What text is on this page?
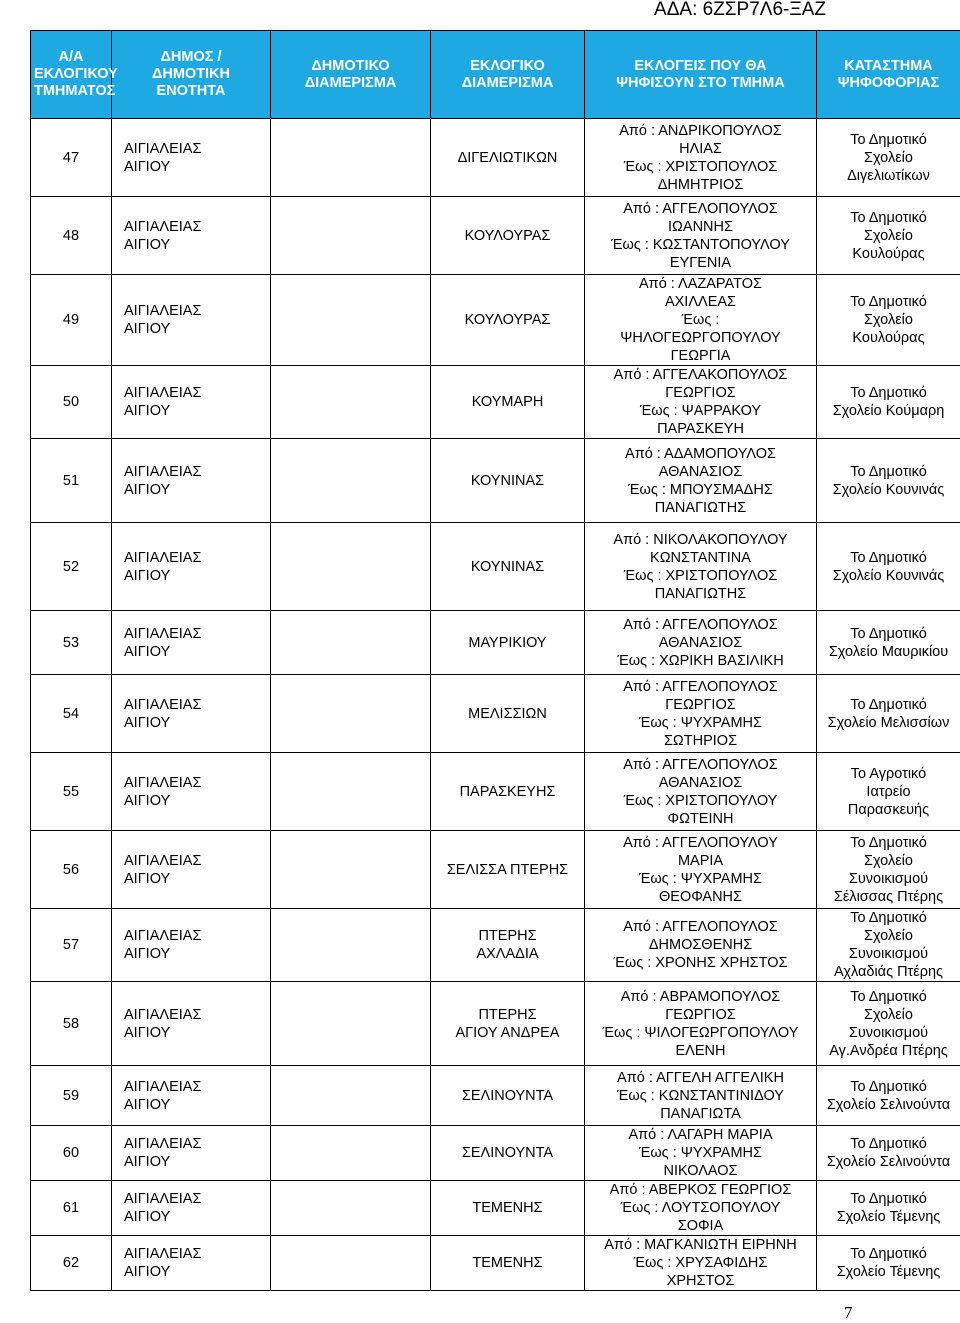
ΑΔΑ: 6ΖΣΡ7Λ6-ΞΑΖ
Α/Α
ΕΚΛΟΓΙΚΟΥ
ΤΜΗΜΑΤΟΣ	ΔΗΜΟΣ /
ΔΗΜΟΤΙΚΗ
ΕΝΟΤΗΤΑ	ΔΗΜΟΤΙΚΟ
ΔΙΑΜΕΡΙΣΜΑ	ΕΚΛΟΓΙΚΟ
ΔΙΑΜΕΡΙΣΜΑ	ΕΚΛΟΓΕΙΣ ΠΟΥ ΘΑ
ΨΗΦΙΣΟΥΝ ΣΤΟ ΤΜΗΜΑ	ΚΑΤΑΣΤΗΜΑ
ΨΗΦΟΦΟΡΙΑΣ
47	ΑΙΓΙΑΛΕΙΑΣ
ΑΙΓΙΟΥ		ΔΙΓΕΛΙΩΤΙΚΩΝ	Από : ΑΝΔΡΙΚΟΠΟΥΛΟΣ
ΗΛΙΑΣ
Έως : ΧΡΙΣΤΟΠΟΥΛΟΣ
ΔΗΜΗΤΡΙΟΣ	Το Δημοτικό
Σχολείο
Διγελιωτίκων
48	ΑΙΓΙΑΛΕΙΑΣ
ΑΙΓΙΟΥ		ΚΟΥΛΟΥΡΑΣ	Από : ΑΓΓΕΛΟΠΟΥΛΟΣ
ΙΩΑΝΝΗΣ
Έως : ΚΩΣΤΑΝΤΟΠΟΥΛΟΥ
ΕΥΓΕΝΙΑ	Το Δημοτικό
Σχολείο
Κουλούρας
49	ΑΙΓΙΑΛΕΙΑΣ
ΑΙΓΙΟΥ		ΚΟΥΛΟΥΡΑΣ	Από : ΛΑΖΑΡΑΤΟΣ
ΑΧΙΛΛΕΑΣ
Έως :
ΨΗΛΟΓΕΩΡΓΟΠΟΥΛΟΥ
ΓΕΩΡΓΙΑ	Το Δημοτικό
Σχολείο
Κουλούρας
50	ΑΙΓΙΑΛΕΙΑΣ
ΑΙΓΙΟΥ		ΚΟΥΜΑΡΗ	Από : ΑΓΓΕΛΑΚΟΠΟΥΛΟΣ
ΓΕΩΡΓΙΟΣ
Έως : ΨΑΡΡΑΚΟΥ
ΠΑΡΑΣΚΕΥΗ	Το Δημοτικό
Σχολείο Κούμαρη
51	ΑΙΓΙΑΛΕΙΑΣ
ΑΙΓΙΟΥ		ΚΟΥΝΙΝΑΣ	Από : ΑΔΑΜΟΠΟΥΛΟΣ
ΑΘΑΝΑΣΙΟΣ
Έως : ΜΠΟΥΣΜΑΔΗΣ
ΠΑΝΑΓΙΩΤΗΣ	Το Δημοτικό
Σχολείο Κουνινάς
52	ΑΙΓΙΑΛΕΙΑΣ
ΑΙΓΙΟΥ		ΚΟΥΝΙΝΑΣ	Από : ΝΙΚΟΛΑΚΟΠΟΥΛΟΥ
ΚΩΝΣΤΑΝΤΙΝΑ
Έως : ΧΡΙΣΤΟΠΟΥΛΟΣ
ΠΑΝΑΓΙΩΤΗΣ	Το Δημοτικό
Σχολείο Κουνινάς
53	ΑΙΓΙΑΛΕΙΑΣ
ΑΙΓΙΟΥ		ΜΑΥΡΙΚΙΟΥ	Από : ΑΓΓΕΛΟΠΟΥΛΟΣ
ΑΘΑΝΑΣΙΟΣ
Έως : ΧΩΡΙΚΗ ΒΑΣΙΛΙΚΗ	Το Δημοτικό
Σχολείο Μαυρικίου
54	ΑΙΓΙΑΛΕΙΑΣ
ΑΙΓΙΟΥ		ΜΕΛΙΣΣΙΩΝ	Από : ΑΓΓΕΛΟΠΟΥΛΟΣ
ΓΕΩΡΓΙΟΣ
Έως : ΨΥΧΡΑΜΗΣ
ΣΩΤΗΡΙΟΣ	Το Δημοτικό
Σχολείο Μελισσίων
55	ΑΙΓΙΑΛΕΙΑΣ
ΑΙΓΙΟΥ		ΠΑΡΑΣΚΕΥΗΣ	Από : ΑΓΓΕΛΟΠΟΥΛΟΣ
ΑΘΑΝΑΣΙΟΣ
Έως : ΧΡΙΣΤΟΠΟΥΛΟΥ
ΦΩΤΕΙΝΗ	Το Αγροτικό
Ιατρείο
Παρασκευής
56	ΑΙΓΙΑΛΕΙΑΣ
ΑΙΓΙΟΥ		ΣΕΛΙΣΣΑ ΠΤΕΡΗΣ	Από : ΑΓΓΕΛΟΠΟΥΛΟΥ
ΜΑΡΙΑ
Έως : ΨΥΧΡΑΜΗΣ
ΘΕΟΦΑΝΗΣ	Το Δημοτικό
Σχολείο
Συνοικισμού
Σέλισσας Πτέρης
57	ΑΙΓΙΑΛΕΙΑΣ
ΑΙΓΙΟΥ		ΠΤΕΡΗΣ
ΑΧΛΑΔΙΑ	Από : ΑΓΓΕΛΟΠΟΥΛΟΣ
ΔΗΜΟΣΘΕΝΗΣ
Έως : ΧΡΟΝΗΣ ΧΡΗΣΤΟΣ	Το Δημοτικό
Σχολείο
Συνοικισμού
Αχλαδιάς Πτέρης
58	ΑΙΓΙΑΛΕΙΑΣ
ΑΙΓΙΟΥ		ΠΤΕΡΗΣ
ΑΓΙΟΥ ΑΝΔΡΕΑ	Από : ΑΒΡΑΜΟΠΟΥΛΟΣ
ΓΕΩΡΓΙΟΣ
Έως : ΨΙΛΟΓΕΩΡΓΟΠΟΥΛΟΥ
ΕΛΕΝΗ	Το Δημοτικό
Σχολείο
Συνοικισμού
Αγ.Ανδρέα Πτέρης
59	ΑΙΓΙΑΛΕΙΑΣ
ΑΙΓΙΟΥ		ΣΕΛΙΝΟΥΝΤΑ	Από : ΑΓΓΕΛΗ ΑΓΓΕΛΙΚΗ
Έως : ΚΩΝΣΤΑΝΤΙΝΙΔΟΥ
ΠΑΝΑΓΙΩΤΑ	Το Δημοτικό
Σχολείο Σελινούντα
60	ΑΙΓΙΑΛΕΙΑΣ
ΑΙΓΙΟΥ		ΣΕΛΙΝΟΥΝΤΑ	Από : ΛΑΓΑΡΗ ΜΑΡΙΑ
Έως : ΨΥΧΡΑΜΗΣ
ΝΙΚΟΛΑΟΣ	Το Δημοτικό
Σχολείο Σελινούντα
61	ΑΙΓΙΑΛΕΙΑΣ
ΑΙΓΙΟΥ		ΤΕΜΕΝΗΣ	Από : ΑΒΕΡΚΟΣ ΓΕΩΡΓΙΟΣ
Έως : ΛΟΥΤΣΟΠΟΥΛΟΥ
ΣΟΦΙΑ	Το Δημοτικό
Σχολείο Τέμενης
62	ΑΙΓΙΑΛΕΙΑΣ
ΑΙΓΙΟΥ		ΤΕΜΕΝΗΣ	Από : ΜΑΓΚΑΝΙΩΤΗ ΕΙΡΗΝΗ
Έως : ΧΡΥΣΑΦΙΔΗΣ
ΧΡΗΣΤΟΣ	Το Δημοτικό
Σχολείο Τέμενης
7
